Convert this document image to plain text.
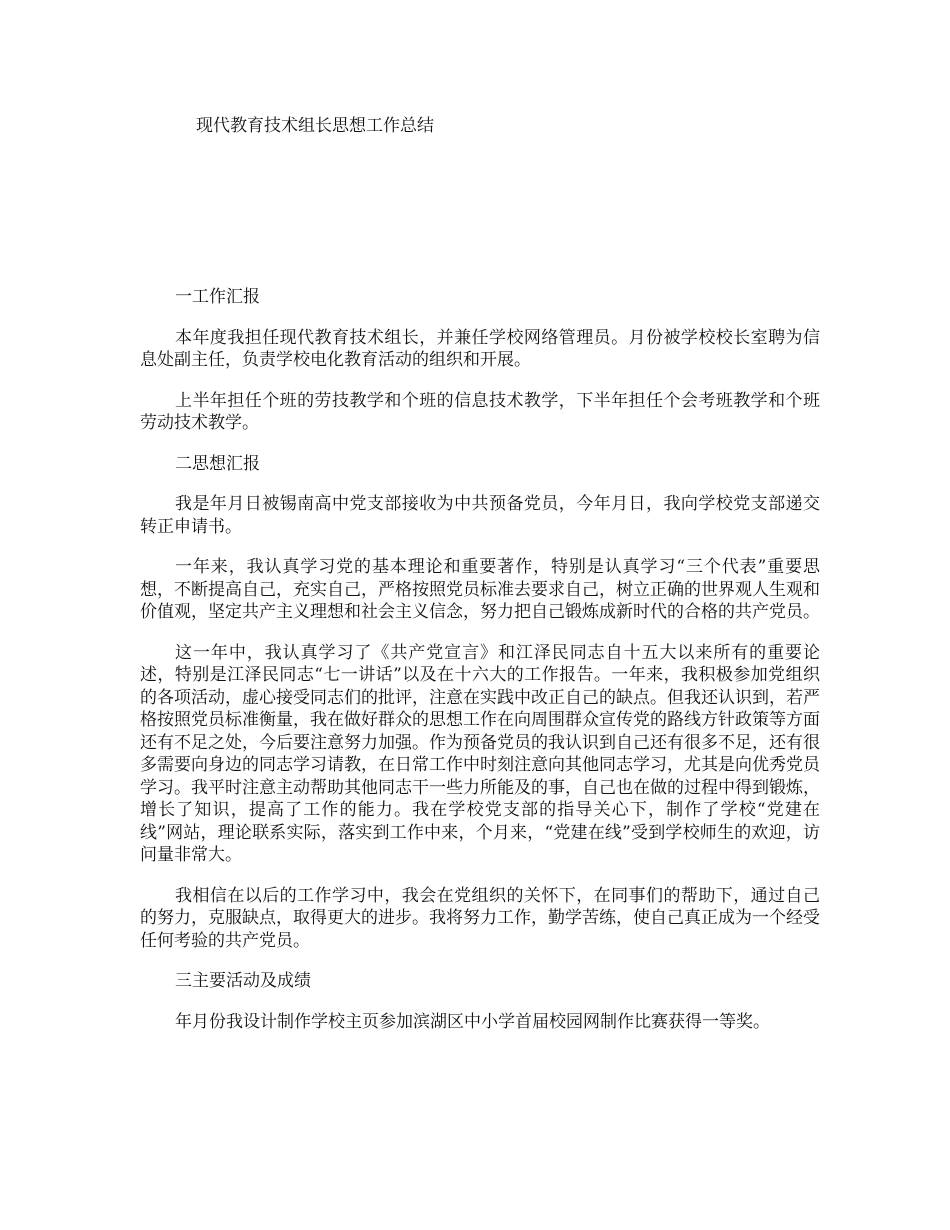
现代教育技术组长思想工作总结

一工作汇报

本年度我担任现代教育技术组长，并兼任学校网络管理员。月份被学校校长室聘为信息处副主任，负责学校电化教育活动的组织和开展。

上半年担任个班的劳技教学和个班的信息技术教学，下半年担任个会考班教学和个班劳动技术教学。

二思想汇报

我是年月日被锡南高中党支部接收为中共预备党员，今年月日，我向学校党支部递交转正申请书。

一年来，我认真学习党的基本理论和重要著作，特别是认真学习“三个代表”重要思想，不断提高自己，充实自己，严格按照党员标准去要求自己，树立正确的世界观人生观和价值观，坚定共产主义理想和社会主义信念，努力把自己锻炼成新时代的合格的共产党员。

这一年中，我认真学习了《共产党宣言》和江泽民同志自十五大以来所有的重要论述，特别是江泽民同志“七一讲话”以及在十六大的工作报告。一年来，我积极参加党组织的各项活动，虚心接受同志们的批评，注意在实践中改正自己的缺点。但我还认识到，若严格按照党员标准衡量，我在做好群众的思想工作在向周围群众宣传党的路线方针政策等方面还有不足之处，今后要注意努力加强。作为预备党员的我认识到自己还有很多不足，还有很多需要向身边的同志学习请教，在日常工作中时刻注意向其他同志学习，尤其是向优秀党员学习。我平时注意主动帮助其他同志干一些力所能及的事，自己也在做的过程中得到锻炼，增长了知识，提高了工作的能力。我在学校党支部的指导关心下，制作了学校“党建在线”网站，理论联系实际，落实到工作中来，个月来，“党建在线”受到学校师生的欢迎，访问量非常大。

我相信在以后的工作学习中，我会在党组织的关怀下，在同事们的帮助下，通过自己的努力，克服缺点，取得更大的进步。我将努力工作，勤学苦练，使自己真正成为一个经受任何考验的共产党员。

三主要活动及成绩

年月份我设计制作学校主页参加滨湖区中小学首届校园网制作比赛获得一等奖。
